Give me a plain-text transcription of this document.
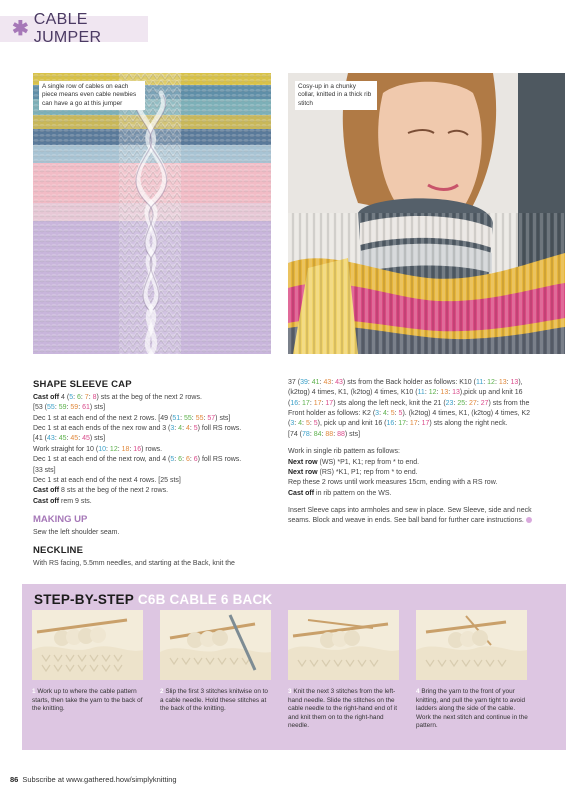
✱ CABLE JUMPER
A single row of cables on each piece means even cable newbies can have a go at this jumper
Cosy-up in a chunky collar, knitted in a thick rib stitch
SHAPE SLEEVE CAP
Cast off 4 (5: 6: 7: 8) sts at the beg of the next 2 rows.
[53 (55: 59: 59: 61) sts]
Dec 1 st at each end of the next 2 rows. [49 (51: 55: 55: 57) sts]
Dec 1 st at each ends of the nex row and 3 (3: 4: 4: 5) foll RS rows.
[41 (43: 45: 45: 45) sts]
Work straight for 10 (10: 12: 18: 16) rows.
Dec 1 st at each end of the next row, and 4 (5: 6: 6: 6) foll RS rows.
[33 sts]
Dec 1 st at each end of the next 4 rows. [25 sts]
Cast off 8 sts at the beg of the next 2 rows.
Cast off rem 9 sts.
MAKING UP
Sew the left shoulder seam.
NECKLINE
With RS facing, 5.5mm needles, and starting at the Back, knit the
37 (39: 41: 43: 43) sts from the Back holder as follows: K10 (11: 12: 13: 13), (k2tog) 4 times, K1, (k2tog) 4 times, K10 (11: 12: 13: 13),pick up and knit 16 (16: 17: 17: 17) sts along the left neck, knit the 21 (23: 25: 27: 27) sts from the Front holder as follows: K2 (3: 4: 5: 5). (k2tog) 4 times, K1, (k2tog) 4 times, K2 (3: 4: 5: 5), pick up and knit 16 (16: 17: 17: 17) sts along the right neck.
[74 (78: 84: 88: 88) sts]
Work in single rib pattern as follows:
Next row (WS) *P1, K1; rep from * to end.
Next row (RS) *K1, P1; rep from * to end.
Rep these 2 rows until work measures 15cm, ending with a RS row.
Cast off in rib pattern on the WS.
Insert Sleeve caps into armholes and sew in place. Sew Sleeve, side and neck seams. Block and weave in ends. See ball band for further care instructions.
STEP-BY-STEP C6B CABLE 6 BACK
1 Work up to where the cable pattern starts, then take the yarn to the back of the knitting.
2 Slip the first 3 stitches knitwise on to a cable needle. Hold these stitches at the back of the knitting.
3 Knit the next 3 stitches from the left-hand needle. Slide the stitches on the cable needle to the right-hand end of it and knit them on to the right-hand needle.
4 Bring the yarn to the front of your knitting, and pull the yarn tight to avoid ladders along the side of the cable. Work the next stitch and continue in the pattern.
86 Subscribe at www.gathered.how/simplyknitting
